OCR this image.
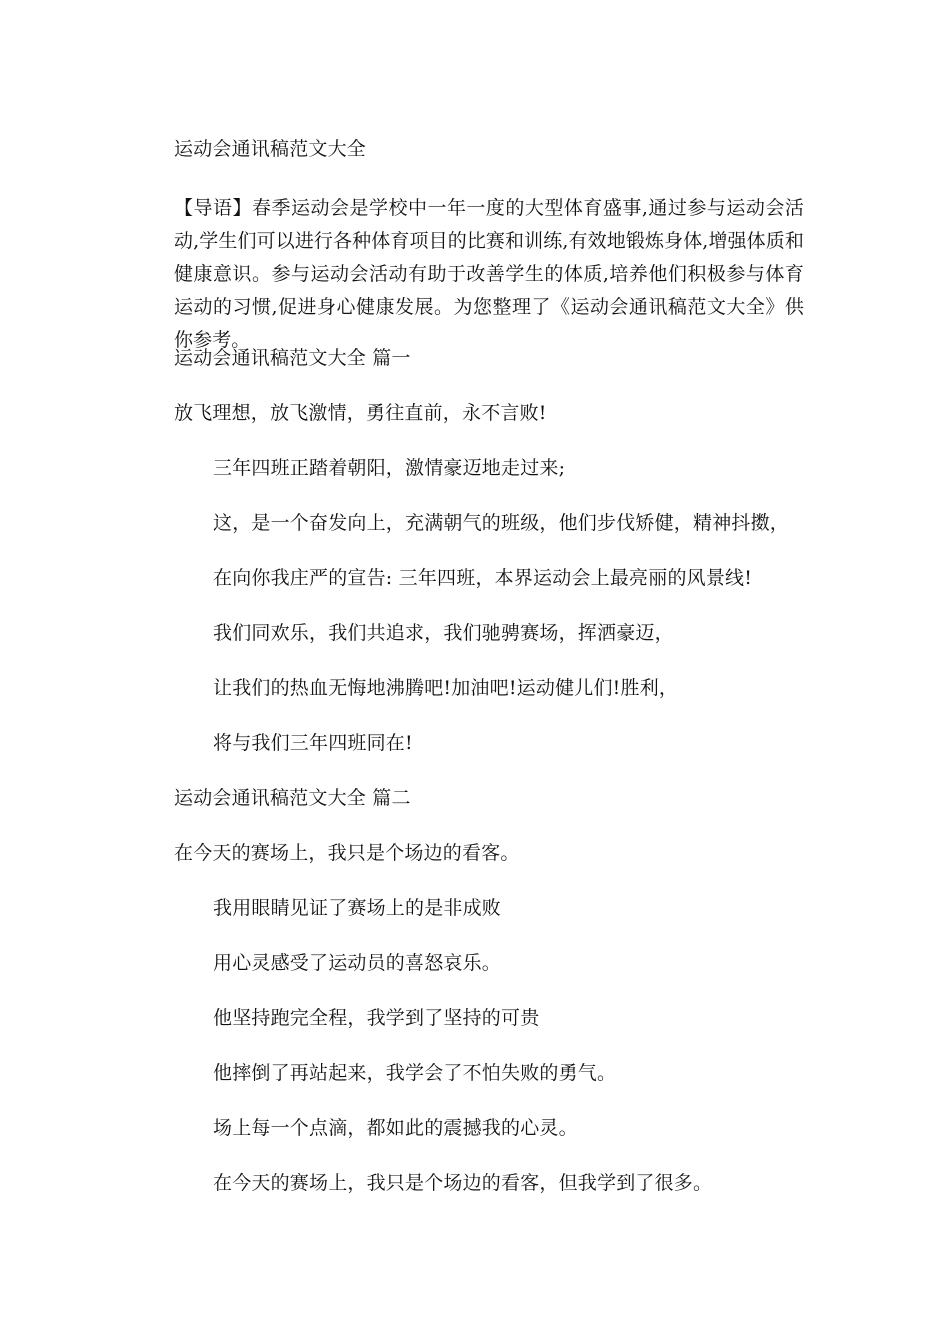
运动会通讯稿范文大全
【导语】春季运动会是学校中一年一度的大型体育盛事,通过参与运动会活动,学生们可以进行各种体育项目的比赛和训练,有效地锻炼身体,增强体质和健康意识。参与运动会活动有助于改善学生的体质,培养他们积极参与体育运动的习惯,促进身心健康发展。为您整理了《运动会通讯稿范文大全》供你参考。
运动会通讯稿范文大全 篇一
放飞理想，放飞激情，勇往直前，永不言败!
三年四班正踏着朝阳，激情豪迈地走过来;
这，是一个奋发向上，充满朝气的班级，他们步伐矫健，精神抖擞，
在向你我庄严的宣告: 三年四班，本界运动会上最亮丽的风景线!
我们同欢乐，我们共追求，我们驰骋赛场，挥洒豪迈，
让我们的热血无悔地沸腾吧!加油吧!运动健儿们!胜利，
将与我们三年四班同在!
运动会通讯稿范文大全 篇二
在今天的赛场上，我只是个场边的看客。
我用眼睛见证了赛场上的是非成败
用心灵感受了运动员的喜怒哀乐。
他坚持跑完全程，我学到了坚持的可贵
他摔倒了再站起来，我学会了不怕失败的勇气。
场上每一个点滴，都如此的震撼我的心灵。
在今天的赛场上，我只是个场边的看客，但我学到了很多。
